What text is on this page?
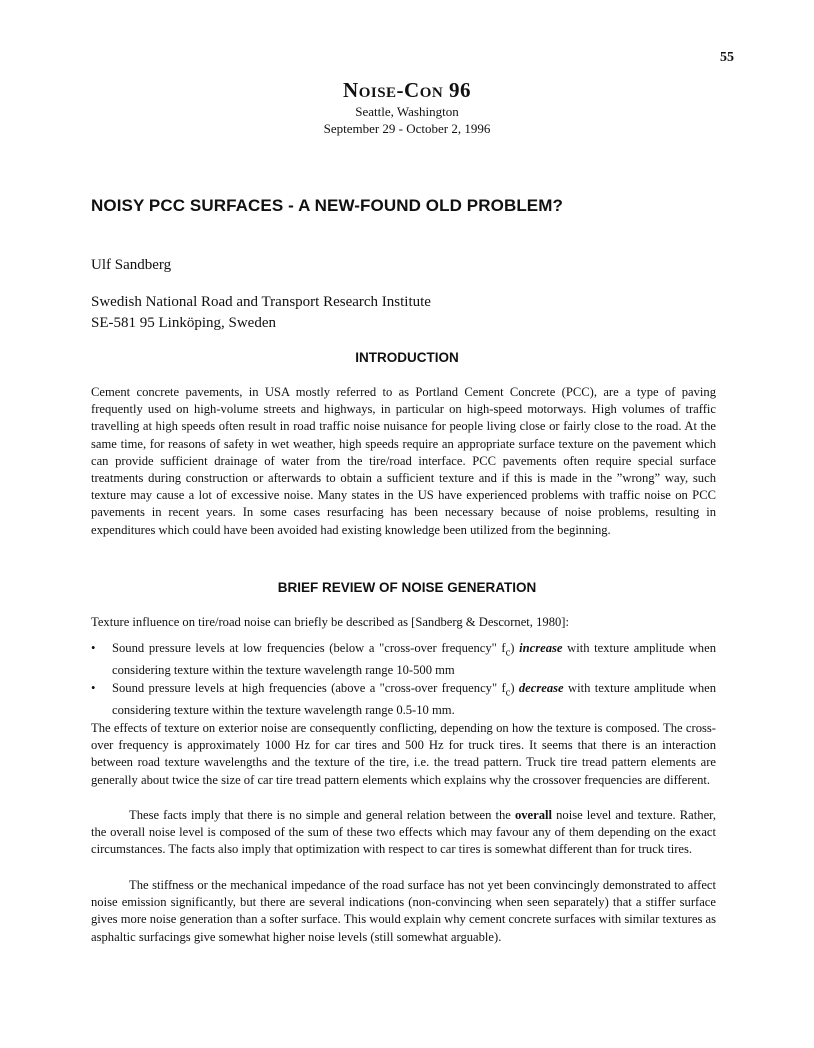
55

Noise-Con 96

Seattle, Washington

September 29 - October 2, 1996

NOISY PCC SURFACES - A NEW-FOUND OLD PROBLEM?

Ulf Sandberg

Swedish National Road and Transport Research Institute
SE-581 95 Linköping, Sweden
INTRODUCTION

Cement concrete pavements, in USA mostly referred to as Portland Cement Concrete (PCC), are a type of paving frequently used on high-volume streets and highways, in particular on high-speed motorways. High volumes of traffic travelling at high speeds often result in road traffic noise nuisance for people living close or fairly close to the road. At the same time, for reasons of safety in wet weather, high speeds require an appropriate surface texture on the pavement which can provide sufficient drainage of water from the tire/road interface. PCC pavements often require special surface treatments during construction or afterwards to obtain a sufficient texture and if this is made in the ”wrong” way, such texture may cause a lot of excessive noise. Many states in the US have experienced problems with traffic noise on PCC pavements in recent years. In some cases resurfacing has been necessary because of noise problems, resulting in expenditures which could have been avoided had existing knowledge been utilized from the beginning.

BRIEF REVIEW OF NOISE GENERATION

Texture influence on tire/road noise can briefly be described as [Sandberg & Descornet, 1980]:

• Sound pressure levels at low frequencies (below a "cross-over frequency" $f_c$) increase with texture amplitude when considering texture within the texture wavelength range 10-500 mm
• Sound pressure levels at high frequencies (above a "cross-over frequency" $f_c$) decrease with texture amplitude when considering texture within the texture wavelength range 0.5-10 mm.

The effects of texture on exterior noise are consequently conflicting, depending on how the texture is composed. The cross-over frequency is approximately 1000 Hz for car tires and 500 Hz for truck tires. It seems that there is an interaction between road texture wavelengths and the texture of the tire, i.e. the tread pattern. Truck tire tread pattern elements are generally about twice the size of car tire tread pattern elements which explains why the crossover frequencies are different.

These facts imply that there is no simple and general relation between the overall noise level and texture. Rather, the overall noise level is composed of the sum of these two effects which may favour any of them depending on the exact circumstances. The facts also imply that optimization with respect to car tires is somewhat different than for truck tires.

The stiffness or the mechanical impedance of the road surface has not yet been convincingly demonstrated to affect noise emission significantly, but there are several indications (non-convincing when seen separately) that a stiffer surface gives more noise generation than a softer surface. This would explain why cement concrete surfaces with similar textures as asphaltic surfacings give somewhat higher noise levels (still somewhat arguable).
